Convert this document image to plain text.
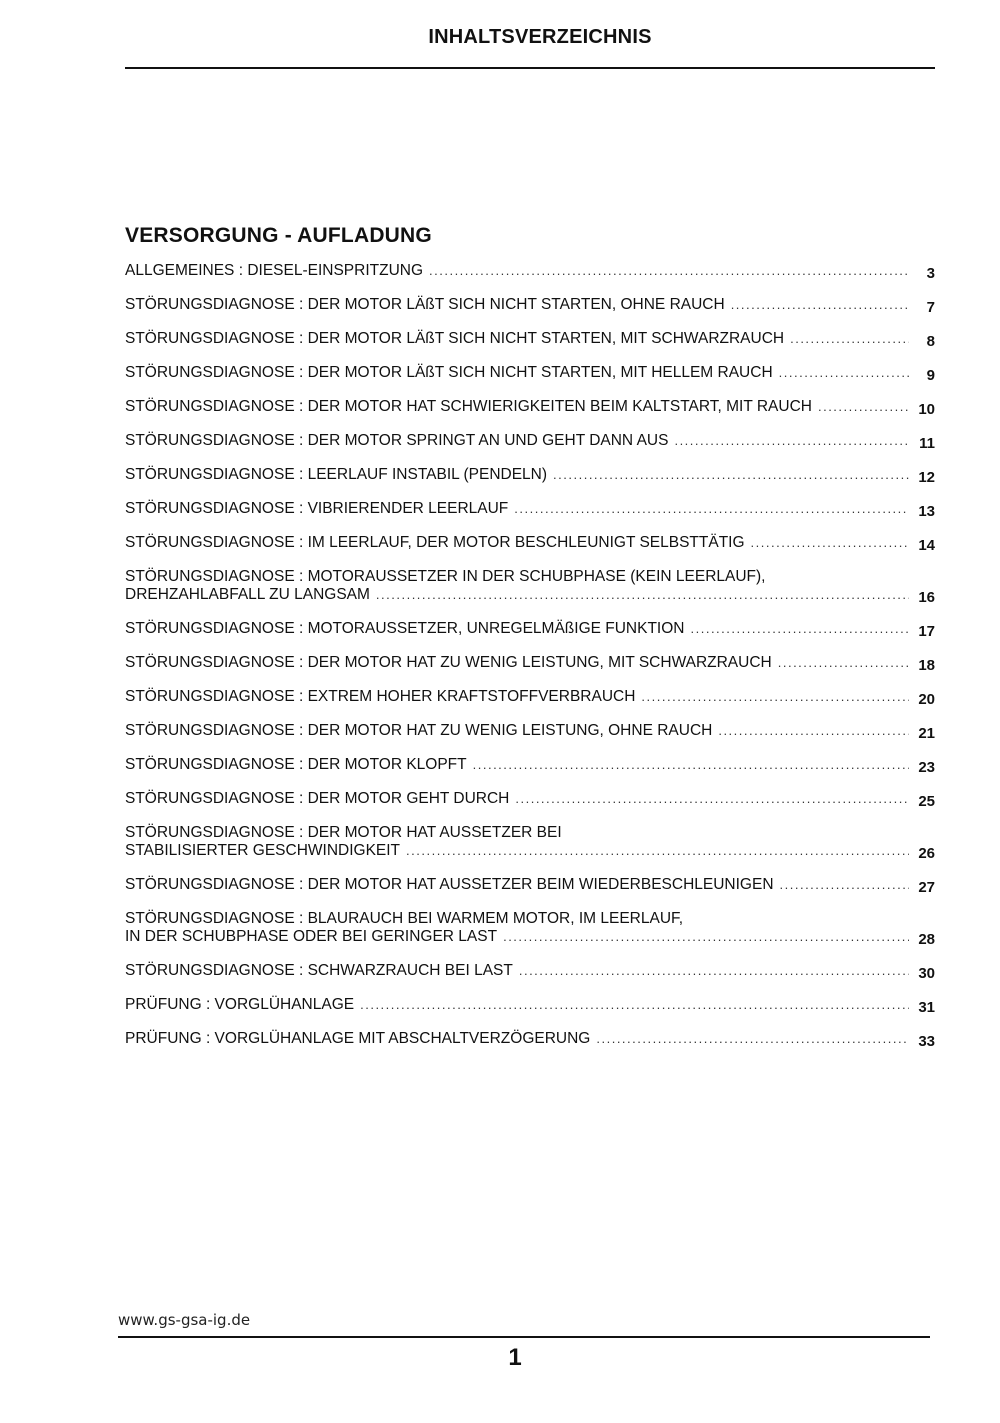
INHALTSVERZEICHNIS
VERSORGUNG - AUFLADUNG
ALLGEMEINES : DIESEL-EINSPRITZUNG .....	3
STÖRUNGSDIAGNOSE : DER MOTOR LÄßT SICH NICHT STARTEN, OHNE RAUCH .....	7
STÖRUNGSDIAGNOSE : DER MOTOR LÄßT SICH NICHT STARTEN, MIT SCHWARZRAUCH .....	8
STÖRUNGSDIAGNOSE : DER MOTOR LÄßT SICH NICHT STARTEN, MIT HELLEM RAUCH .....	9
STÖRUNGSDIAGNOSE : DER MOTOR HAT SCHWIERIGKEITEN BEIM KALTSTART, MIT RAUCH .....	10
STÖRUNGSDIAGNOSE : DER MOTOR SPRINGT AN UND GEHT DANN AUS .....	11
STÖRUNGSDIAGNOSE : LEERLAUF INSTABIL (PENDELN) .....	12
STÖRUNGSDIAGNOSE : VIBRIERENDER LEERLAUF .....	13
STÖRUNGSDIAGNOSE : IM LEERLAUF, DER MOTOR BESCHLEUNIGT SELBSTTÄTIG .....	14
STÖRUNGSDIAGNOSE : MOTORAUSSETZER IN DER SCHUBPHASE (KEIN LEERLAUF),
DREHZAHLABFALL ZU LANGSAM .....	16
STÖRUNGSDIAGNOSE : MOTORAUSSETZER, UNREGELMÄßIGE FUNKTION .....	17
STÖRUNGSDIAGNOSE : DER MOTOR HAT ZU WENIG LEISTUNG, MIT SCHWARZRAUCH .....	18
STÖRUNGSDIAGNOSE : EXTREM HOHER KRAFTSTOFFVERBRAUCH .....	20
STÖRUNGSDIAGNOSE : DER MOTOR HAT ZU WENIG LEISTUNG, OHNE RAUCH .....	21
STÖRUNGSDIAGNOSE : DER MOTOR KLOPFT .....	23
STÖRUNGSDIAGNOSE : DER MOTOR GEHT DURCH .....	25
STÖRUNGSDIAGNOSE : DER MOTOR HAT AUSSETZER BEI
STABILISIERTER GESCHWINDIGKEIT .....	26
STÖRUNGSDIAGNOSE : DER MOTOR HAT AUSSETZER BEIM WIEDERBESCHLEUNIGEN .....	27
STÖRUNGSDIAGNOSE : BLAURAUCH BEI WARMEM MOTOR, IM LEERLAUF,
IN DER SCHUBPHASE ODER BEI GERINGER LAST .....	28
STÖRUNGSDIAGNOSE : SCHWARZRAUCH BEI LAST .....	30
PRÜFUNG : VORGLÜHANLAGE .....	31
PRÜFUNG : VORGLÜHANLAGE MIT ABSCHALTVERZÖGERUNG .....	33
www.gs-gsa-ig.de
1
